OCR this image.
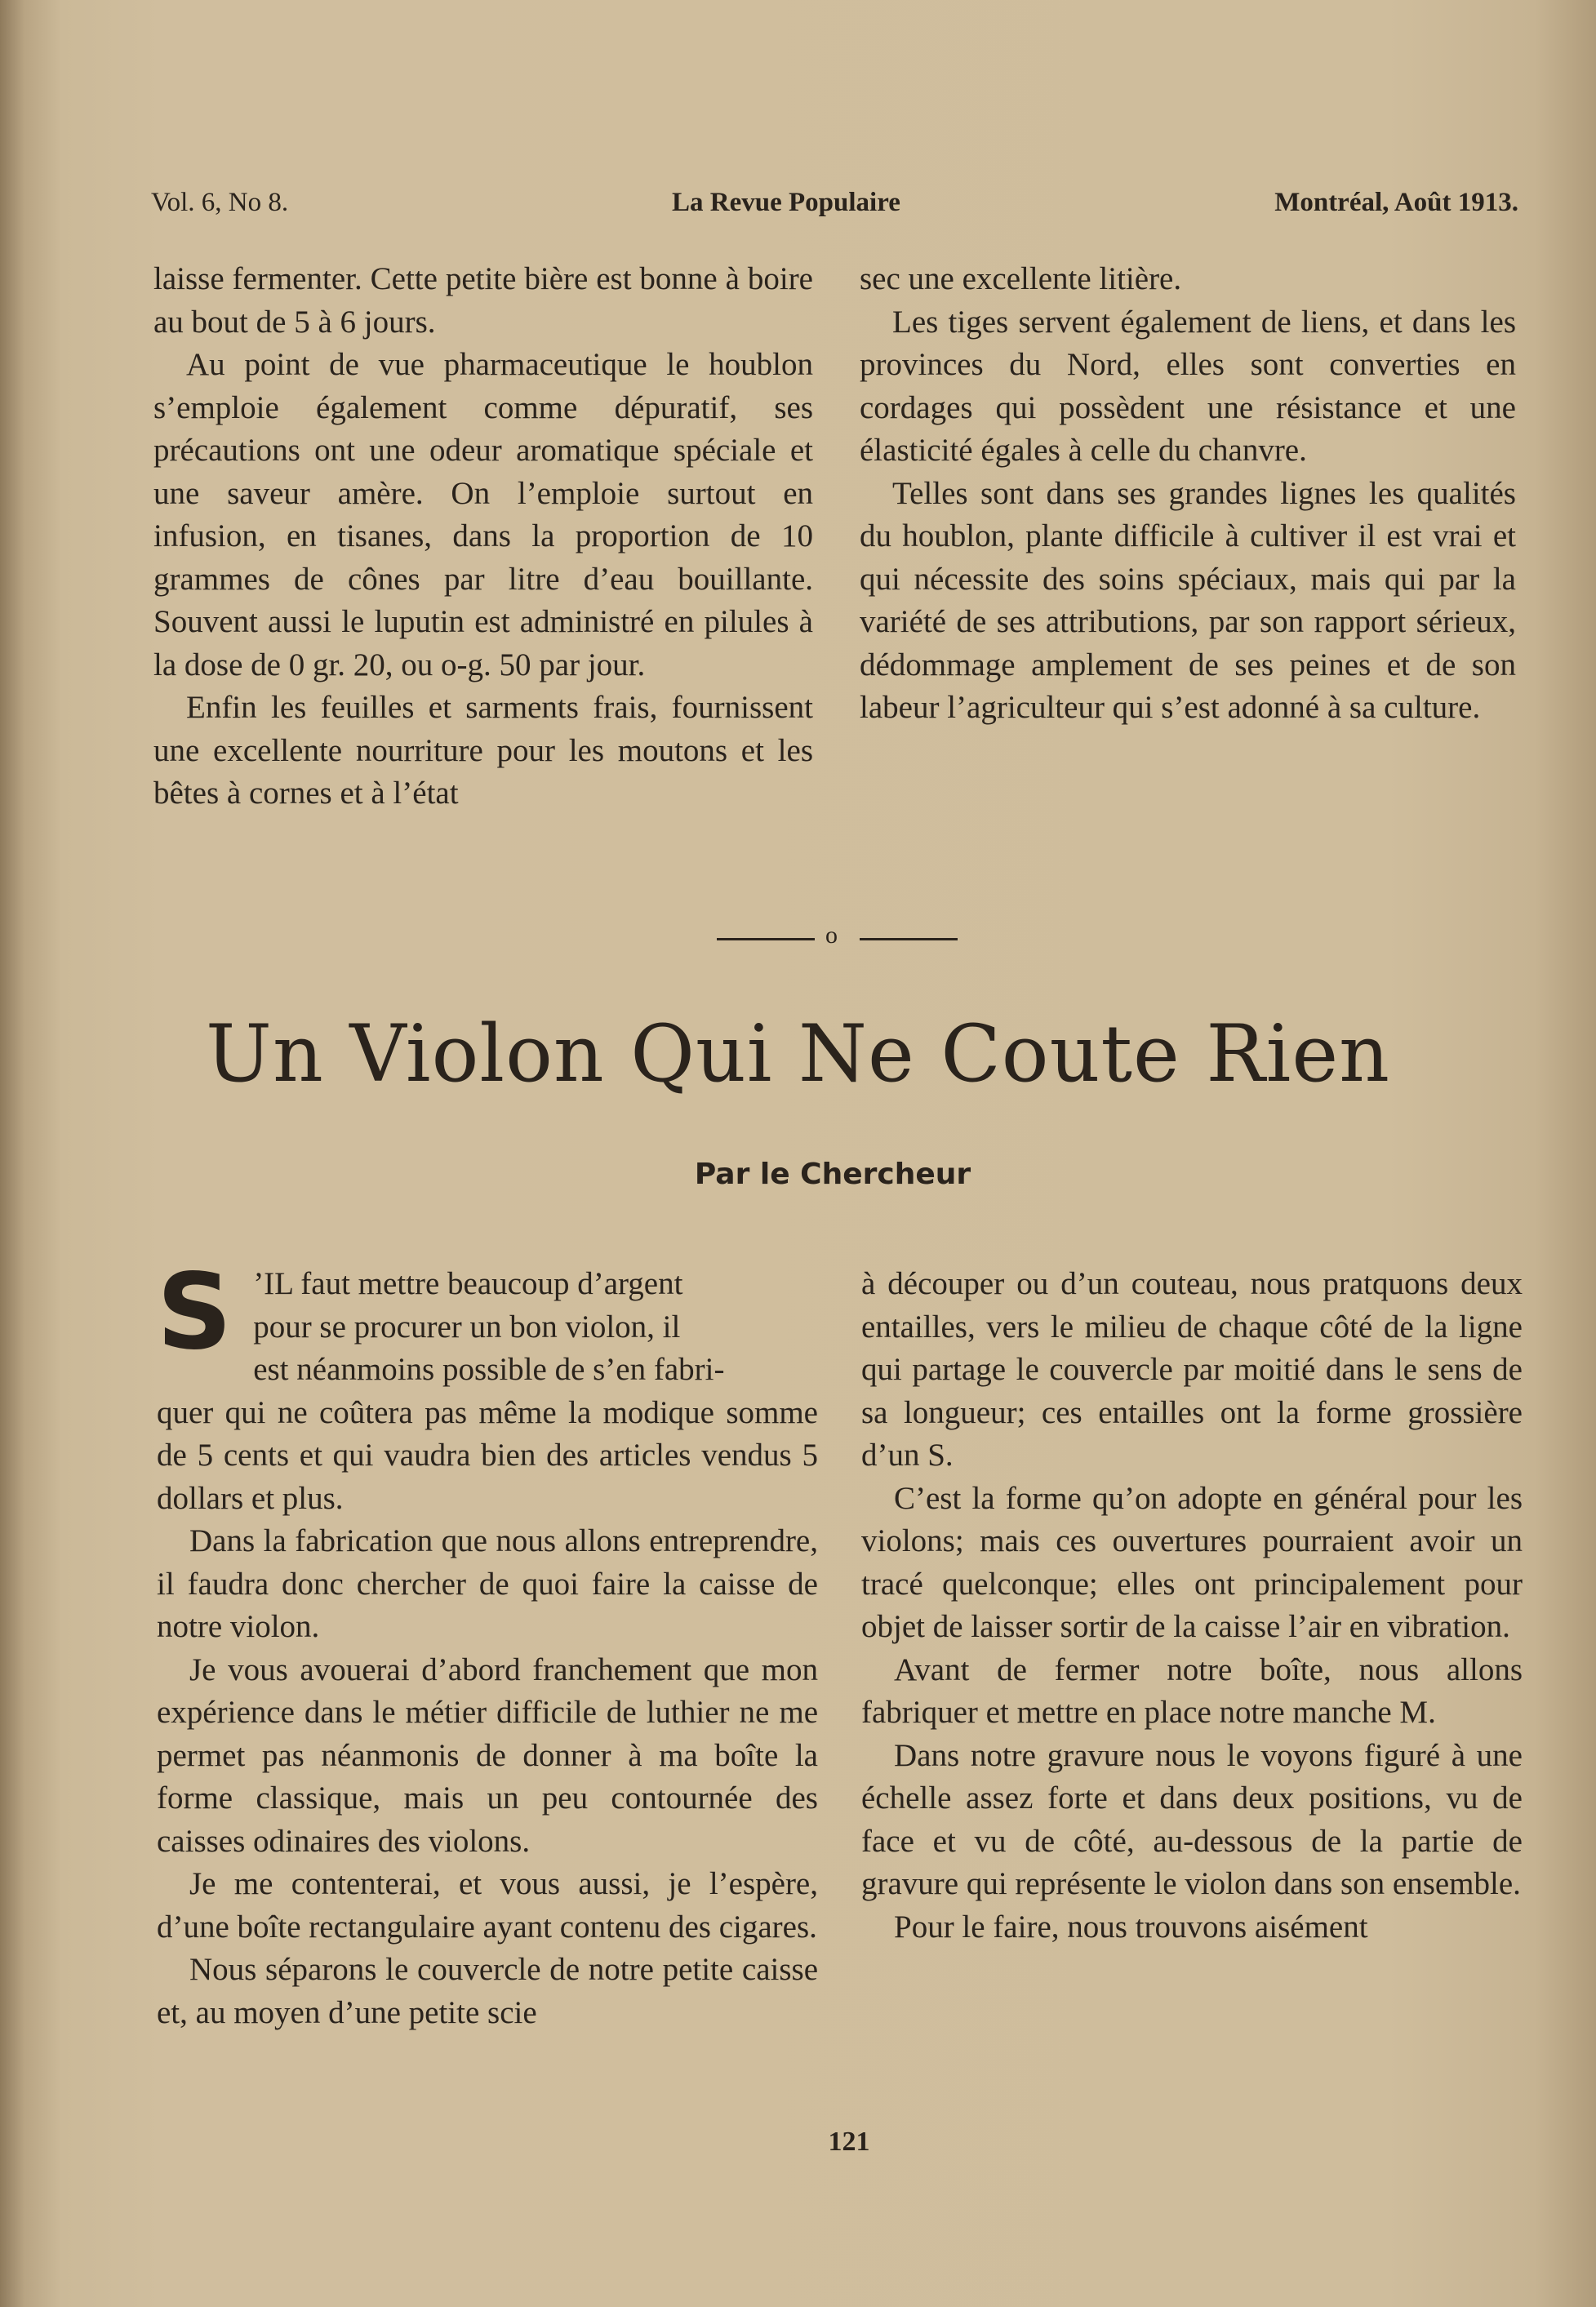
Vol. 6, No 8.	La Revue Populaire	Montréal, Août 1913.

laisse fermenter. Cette petite bière est bonne à boire au bout de 5 à 6 jours.

Au point de vue pharmaceutique le houblon s’emploie également comme dépuratif, ses précautions ont une odeur aromatique spéciale et une saveur amère. On l’emploie surtout en infusion, en tisanes, dans la proportion de 10 grammes de cônes par litre d’eau bouillante. Souvent aussi le luputin est administré en pilules à la dose de 0 gr. 20, ou o-g. 50 par jour.

Enfin les feuilles et sarments frais, fournissent une excellente nourriture pour les moutons et les bêtes à cornes et à l’état

sec une excellente litière.

Les tiges servent également de liens, et dans les provinces du Nord, elles sont converties en cordages qui possèdent une résistance et une élasticité égales à celle du chanvre.

Telles sont dans ses grandes lignes les qualités du houblon, plante difficile à cultiver il est vrai et qui nécessite des soins spéciaux, mais qui par la variété de ses attributions, par son rapport sérieux, dédommage amplement de ses peines et de son labeur l’agriculteur qui s’est adonné à sa culture.

o
Un Violon Qui Ne Coute Rien
Par le Chercheur

S ’IL faut mettre beaucoup d’argent
pour se procurer un bon violon, il
est néanmoins possible de s’en fabri-
quer qui ne coûtera pas même la modique somme de 5 cents et qui vaudra bien des articles vendus 5 dollars et plus.

Dans la fabrication que nous allons entreprendre, il faudra donc chercher de quoi faire la caisse de notre violon.

Je vous avouerai d’abord franchement que mon expérience dans le métier difficile de luthier ne me permet pas néanmonis de donner à ma boîte la forme classique, mais un peu contournée des caisses odinaires des violons.

Je me contenterai, et vous aussi, je l’espère, d’une boîte rectangulaire ayant contenu des cigares.

Nous séparons le couvercle de notre petite caisse et, au moyen d’une petite scie

à découper ou d’un couteau, nous pratquons deux entailles, vers le milieu de chaque côté de la ligne qui partage le couvercle par moitié dans le sens de sa longueur; ces entailles ont la forme grossière d’un S.

C’est la forme qu’on adopte en général pour les violons; mais ces ouvertures pourraient avoir un tracé quelconque; elles ont principalement pour objet de laisser sortir de la caisse l’air en vibration.

Avant de fermer notre boîte, nous allons fabriquer et mettre en place notre manche M.

Dans notre gravure nous le voyons figuré à une échelle assez forte et dans deux positions, vu de face et vu de côté, au-dessous de la partie de gravure qui représente le violon dans son ensemble.

Pour le faire, nous trouvons aisément

121
